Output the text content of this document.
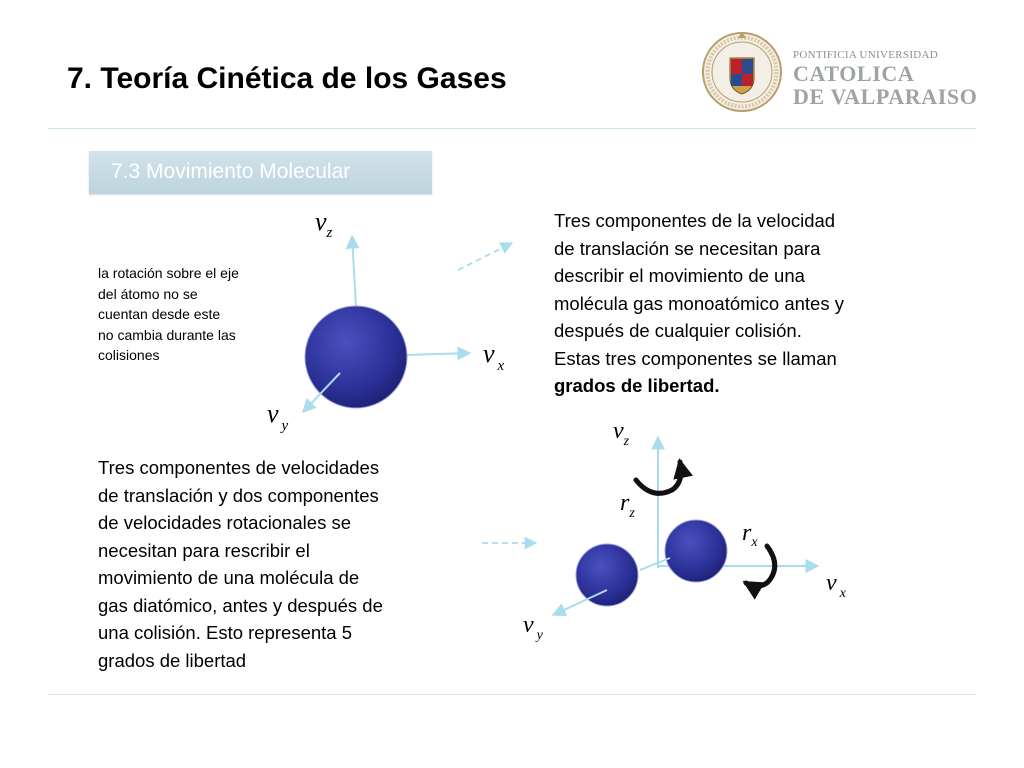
7. Teoría Cinética de los Gases
PONTIFICIA UNIVERSIDAD
CATOLICA
DE VALPARAISO
7.3 Movimiento Molecular
$v_z$
v $_x$
v $_y$	$v_z$
$r_z$
$r_x$
v $_x$
v $_y$
la rotación sobre el eje
del átomo no se
cuentan desde este
no cambia durante las
colisiones
Tres componentes de la velocidad
de translación se necesitan para
describir el movimiento de una
molécula gas monoatómico antes y
después de cualquier colisión.
Estas tres componentes se llaman
grados de libertad.
Tres componentes de velocidades
de translación y dos componentes
de velocidades rotacionales se
necesitan para rescribir el
movimiento de una molécula de
gas diatómico, antes y después de
una colisión. Esto representa 5
grados de libertad
